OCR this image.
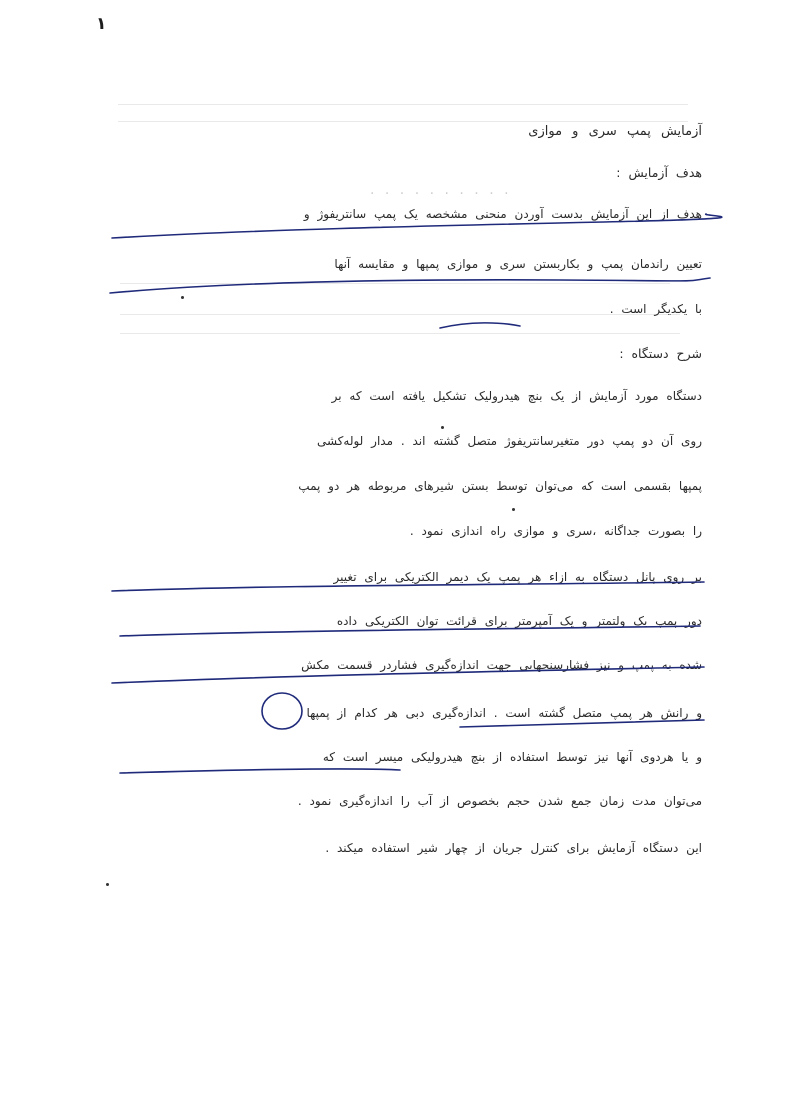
· · · · · · · · · ·
١
آزمایش پمپ سری و موازی
هدف آزمایش :
هدف از این آزمایش بدست آوردن منحنی مشخصه یک پمپ سانتریفوژ و
تعیین راندمان پمپ و بکاربستن سری و موازی پمپها و مقایسه آنها
با یکدیگر است .
شرح دستگاه :
دستگاه مورد آزمایش از یک بنچ هیدرولیک تشکیل یافته است که بر
روی آن دو پمپ دور متغیرسانتریفوژ متصل گشته اند . مدار لوله‌کشی
پمپها بقسمی است که می‌توان توسط بستن شیرهای مربوطه هر دو پمپ
را بصورت جداگانه ،سری و موازی راه اندازی نمود .
بر روی پانل دستگاه به ازاء هر پمپ یک دیمر الکتریکی برای تغییر
دور پمپ یک ولتمتر و یک آمپرمتر برای قرائت توان الکتریکی داده
شده به پمپ و نیز فشارسنجهایی جهت اندازه‌گیری فشاردر قسمت مکش
و رانش هر پمپ متصل گشته است . اندازه‌گیری دبی هر کدام از پمپها
و یا هردوی آنها نیز توسط استفاده از بنچ هیدرولیکی میسر است که
می‌توان مدت زمان جمع شدن حجم بخصوص از آب را اندازه‌گیری نمود .
این دستگاه آزمایش برای کنترل جریان از چهار شیر استفاده میکند .
